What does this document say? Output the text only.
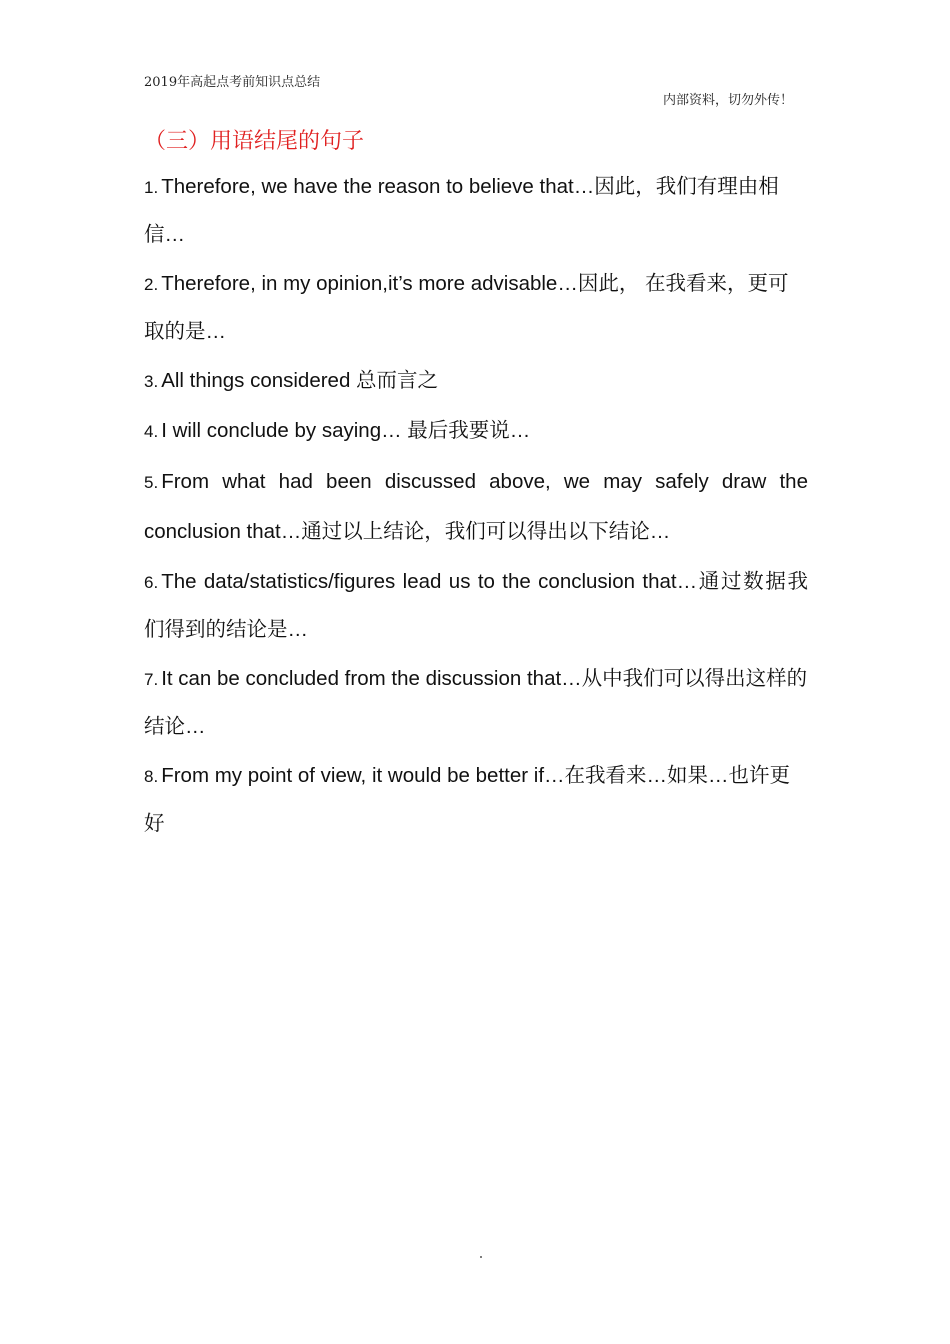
2019年高起点考前知识点总结
内部资料，切勿外传！
（三）用语结尾的句子

1. Therefore, we have the reason to believe that…因此，我们有理由相信…

2. Therefore, in my opinion,it’s more advisable…因此， 在我看来，更可取的是…

3. All things considered 总而言之

4. I will conclude by saying… 最后我要说…

5. From what had been discussed above, we may safely draw the conclusion that…通过以上结论，我们可以得出以下结论…

6. The data/statistics/figures lead us to the conclusion that…通过数据我们得到的结论是…

7. It can be concluded from the discussion that…从中我们可以得出这样的结论…

8. From my point of view, it would be better if…在我看来…如果…也许更好
